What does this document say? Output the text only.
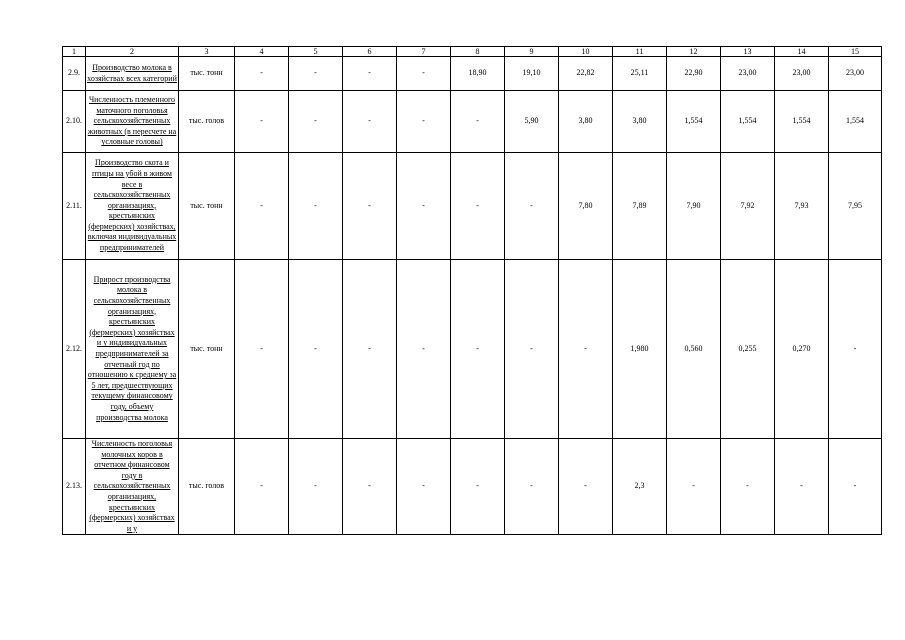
1	2	3	4	5	6	7	8	9	10	11	12	13	14	15
2.9.	Производство молока в хозяйствах всех категорий	тыс. тонн	-	-	-	-	18,90	19,10	22,82	25,11	22,90	23,00	23,00	23,00
2.10.	Численность племенного маточного поголовья сельскохозяйственных животных (в пересчете на условные головы)	тыс. голов	-	-	-	-	-	5,90	3,80	3,80	1,554	1,554	1,554	1,554
2.11.	Производство скота и птицы на убой в живом весе в сельскохозяйственных организациях, крестьянских (фермерских) хозяйствах, включая индивидуальных предпринимателей	тыс. тонн	-	-	-	-	-	-	7,80	7,89	7,90	7,92	7,93	7,95
2.12.	Прирост производства молока в сельскохозяйственных организациях, крестьянских (фермерских) хозяйствах и у индивидуальных предпринимателей за отчетный год по отношению к среднему за 5 лет, предшествующих текущему финансовому году, объему производства молока	тыс. тонн	-	-	-	-	-	-	-	1,980	0,560	0,255	0,270	-
2.13.	Численность поголовья молочных коров в отчетном финансовом году в сельскохозяйственных организациях, крестьянских (фермерских) хозяйствах и у	тыс. голов	-	-	-	-	-	-	-	2,3	-	-	-	-
